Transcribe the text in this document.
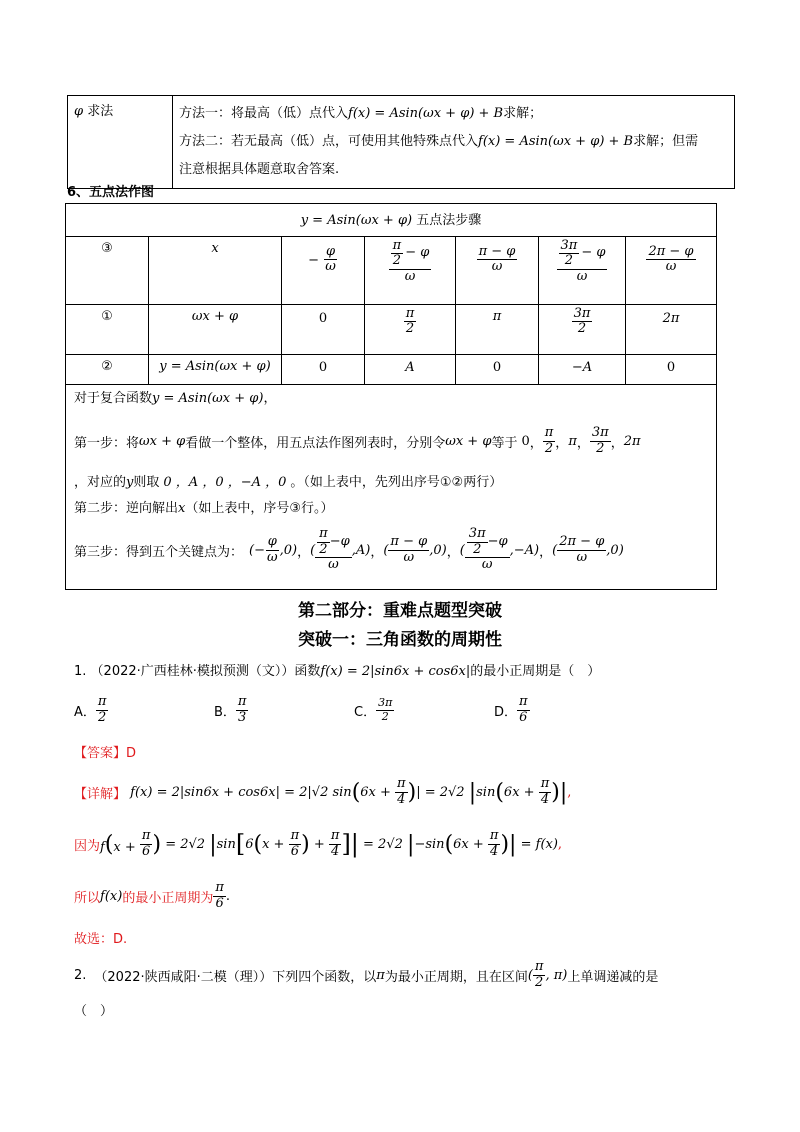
φ 求法	方法一：将最高（低）点代入f(x) = Asin(ωx + φ) + B求解；
方法二：若无最高（低）点，可使用其他特殊点代入f(x) = Asin(ωx + φ) + B求解；但需
注意根据具体题意取舍答案.
6、五点法作图
y = Asin(ωx + φ) 五点法步骤						
③	x	− $\frac{\varphi}{\omega}$	$\frac{\frac{\pi}{2} - \varphi}{\omega}$	$\frac{\pi - \varphi}{\omega}$	$\frac{\frac{3\pi}{2} - \varphi}{\omega}$	$\frac{2\pi - \varphi}{\omega}$

①	ωx + φ	0	$\frac{\pi}{2}$	π	$\frac{3\pi}{2}$	2π
②	y = Asin(ωx + φ)	0	A	0	−A	0
对于复合函数y = Asin(ωx + φ)，
第一步：将 ωx + φ 看做一个整体，用五点法作图列表时，分别令 ωx + φ 等于 0 ， $\frac{\pi}{2}$ ， π ， $\frac{3\pi}{2}$ ， 2π
，对应的y则取 0 ，A ，0 ，−A ，0 。（如上表中，先列出序号①②两行）
第二步：逆向解出x（如上表中，序号③行。）
第三步：得到五个关键点为： (− $\frac{\varphi}{\omega} ,0$) ， ( $\frac{\frac{\pi}{2} -\varphi}{\omega} ,A$) ， ( $\frac{\pi - \varphi}{\omega} ,0$) ， ( $\frac{\frac{3\pi}{2} -\varphi}{\omega} ,-A$) ， ( $\frac{2\pi - \varphi}{\omega} ,0$)
第二部分：重难点题型突破
突破一：三角函数的周期性
1. （2022·广西桂林·模拟预测（文））函数f(x) = 2|sin6x + cos6x|的最小正周期是（　）
A． $\frac{\pi}{2}$	B． $\frac{\pi}{3}$	C． $\frac{3\pi}{2}$	D． $\frac{\pi}{6}$
【答案】D
【详解】 f(x) = 2|sin6x + cos6x| = 2| √2 sin ( $6x + \frac{\pi}{4}$ ) | = 2 √2
| sin ( $6x + \frac{\pi}{4}$ )| ,
因为 $f(x + \frac{\pi}{6}$ ) = 2 √2
| sin [ 6 ( $x + \frac{\pi}{6}$ ) + $\frac{\pi}{4}$ ]| = 2 √2
| −sin ( $6x + \frac{\pi}{4}$ )| = f(x) ,
所以 f(x) 的最小正周期为 $\frac{\pi}{6}$ .
故选：D.
2. （2022·陕西咸阳·二模（理））下列四个函数，以 π 为最小正周期，且在区间 ( $\frac{\pi}{2}$ , π) 上单调递减的是
（　）
